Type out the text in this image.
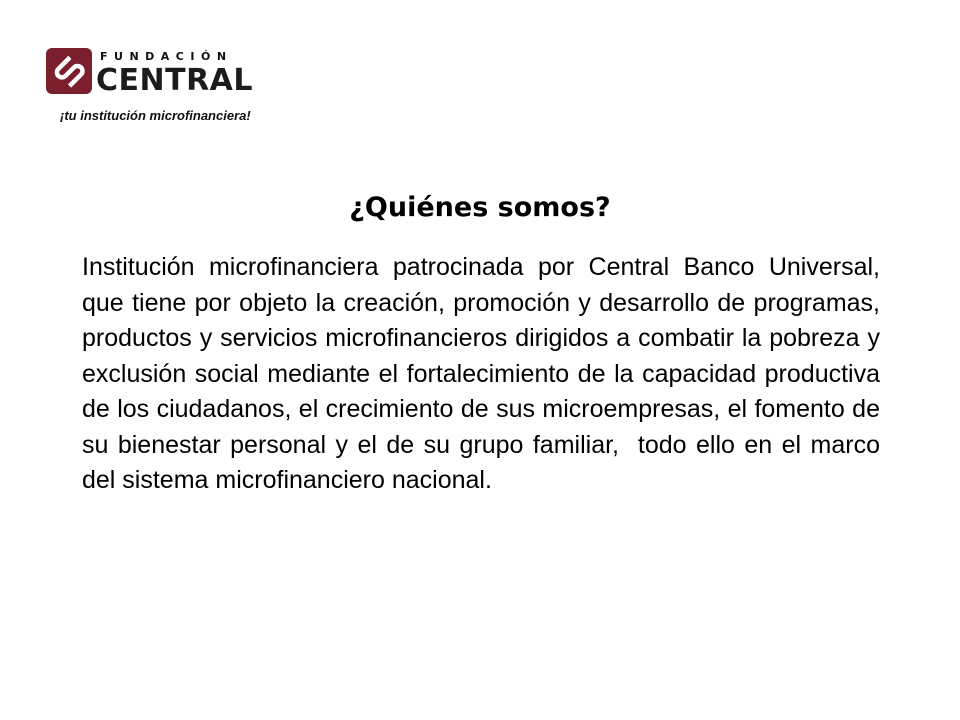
FUNDACIÓN
CENTRAL
¡tu institución microfinanciera!
¿Quiénes somos?

Institución microfinanciera patrocinada por Central Banco Universal, que tiene por objeto la creación, promoción y desarrollo de programas, productos y servicios microfinancieros dirigidos a combatir la pobreza y exclusión social mediante el fortalecimiento de la capacidad productiva de los ciudadanos, el crecimiento de sus microempresas, el fomento de su bienestar personal y el de su grupo familiar,  todo ello en el marco del sistema microfinanciero nacional.
